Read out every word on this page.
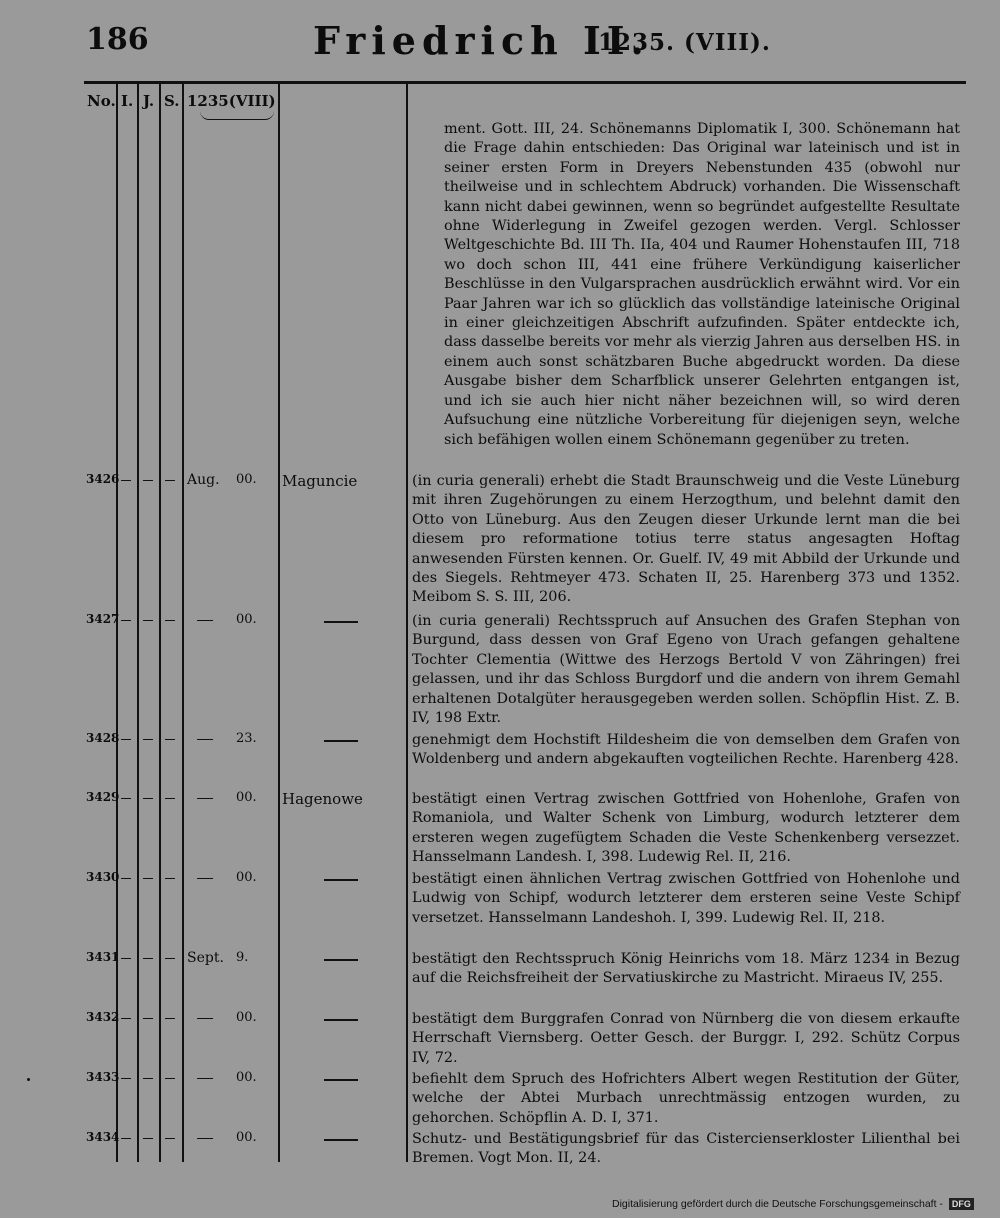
186	Friedrich II.
1235. (VIII).
No. I. J. S. 1235(VIII)
ment. Gott. III, 24. Schönemanns Diplomatik I, 300. Schönemann hat die Frage dahin entschieden: Das Original war lateinisch und ist in seiner ersten Form in Dreyers Nebenstunden 435 (obwohl nur theilweise und in schlechtem Abdruck) vorhanden. Die Wissenschaft kann nicht dabei gewinnen, wenn so begründet aufgestellte Resultate ohne Widerlegung in Zweifel gezogen werden. Vergl. Schlosser Weltgeschichte Bd. III Th. IIa, 404 und Raumer Hohenstaufen III, 718 wo doch schon III, 441 eine frühere Verkündigung kaiserlicher Beschlüsse in den Vulgarsprachen ausdrücklich erwähnt wird. Vor ein Paar Jahren war ich so glücklich das vollständige lateinische Original in einer gleichzeitigen Abschrift aufzufinden. Später entdeckte ich, dass dasselbe bereits vor mehr als vierzig Jahren aus derselben HS. in einem auch sonst schätzbaren Buche abgedruckt worden. Da diese Ausgabe bisher dem Scharfblick unserer Gelehrten entgangen ist, und ich sie auch hier nicht näher bezeichnen will, so wird deren Aufsuchung eine nützliche Vorbereitung für diejenigen seyn, welche sich befähigen wollen einem Schönemann gegenüber zu treten.
3426	Aug. 00. Maguncie	(in curia generali) erhebt die Stadt Braunschweig und die Veste Lüneburg mit ihren Zugehörungen zu einem Herzogthum, und belehnt damit den Otto von Lüneburg. Aus den Zeugen dieser Urkunde lernt man die bei diesem pro reformatione totius terre status angesagten Hoftag anwesenden Fürsten kennen. Or. Guelf. IV, 49 mit Abbild der Urkunde und des Siegels. Rehtmeyer 473. Schaten II, 25. Harenberg 373 und 1352. Meibom S. S. III, 206.
3427	00.	(in curia generali) Rechtsspruch auf Ansuchen des Grafen Stephan von Burgund, dass dessen von Graf Egeno von Urach gefangen gehaltene Tochter Clementia (Wittwe des Herzogs Bertold V von Zähringen) frei gelassen, und ihr das Schloss Burgdorf und die andern von ihrem Gemahl erhaltenen Dotalgüter herausgegeben werden sollen. Schöpflin Hist. Z. B. IV, 198 Extr.
3428	23.	genehmigt dem Hochstift Hildesheim die von demselben dem Grafen von Woldenberg und andern abgekauften vogteilichen Rechte. Harenberg 428.
3429	00. Hagenowe	bestätigt einen Vertrag zwischen Gottfried von Hohenlohe, Grafen von Romaniola, und Walter Schenk von Limburg, wodurch letzterer dem ersteren wegen zugefügtem Schaden die Veste Schenkenberg versezzet. Hansselmann Landesh. I, 398. Ludewig Rel. II, 216.
3430	00.	bestätigt einen ähnlichen Vertrag zwischen Gottfried von Hohenlohe und Ludwig von Schipf, wodurch letzterer dem ersteren seine Veste Schipf versetzet. Hansselmann Landeshoh. I, 399. Ludewig Rel. II, 218.
3431	Sept. 9.	bestätigt den Rechtsspruch König Heinrichs vom 18. März 1234 in Bezug auf die Reichsfreiheit der Servatiuskirche zu Mastricht. Miraeus IV, 255.
3432	00.	bestätigt dem Burggrafen Conrad von Nürnberg die von diesem erkaufte Herrschaft Viernsberg. Oetter Gesch. der Burggr. I, 292. Schütz Corpus IV, 72.
3433	00.	befiehlt dem Spruch des Hofrichters Albert wegen Restitution der Güter, welche der Abtei Murbach unrechtmässig entzogen wurden, zu gehorchen. Schöpflin A. D. I, 371.
3434	00.	Schutz- und Bestätigungsbrief für das Cistercienserkloster Lilienthal bei Bremen. Vogt Mon. II, 24.
Digitalisierung gefördert durch die Deutsche Forschungsgemeinschaft - DFG
